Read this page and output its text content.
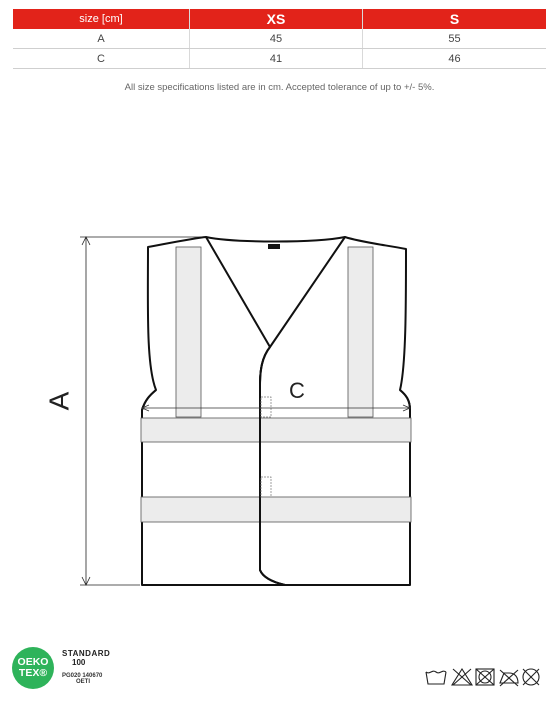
size [cm]	XS	S
A	45	55
C	41	46
All size specifications listed are in cm. Accepted tolerance of up to +/- 5%.
A	C
OEKO
TEX®
STANDARD
100
PG020 140670
OETI
